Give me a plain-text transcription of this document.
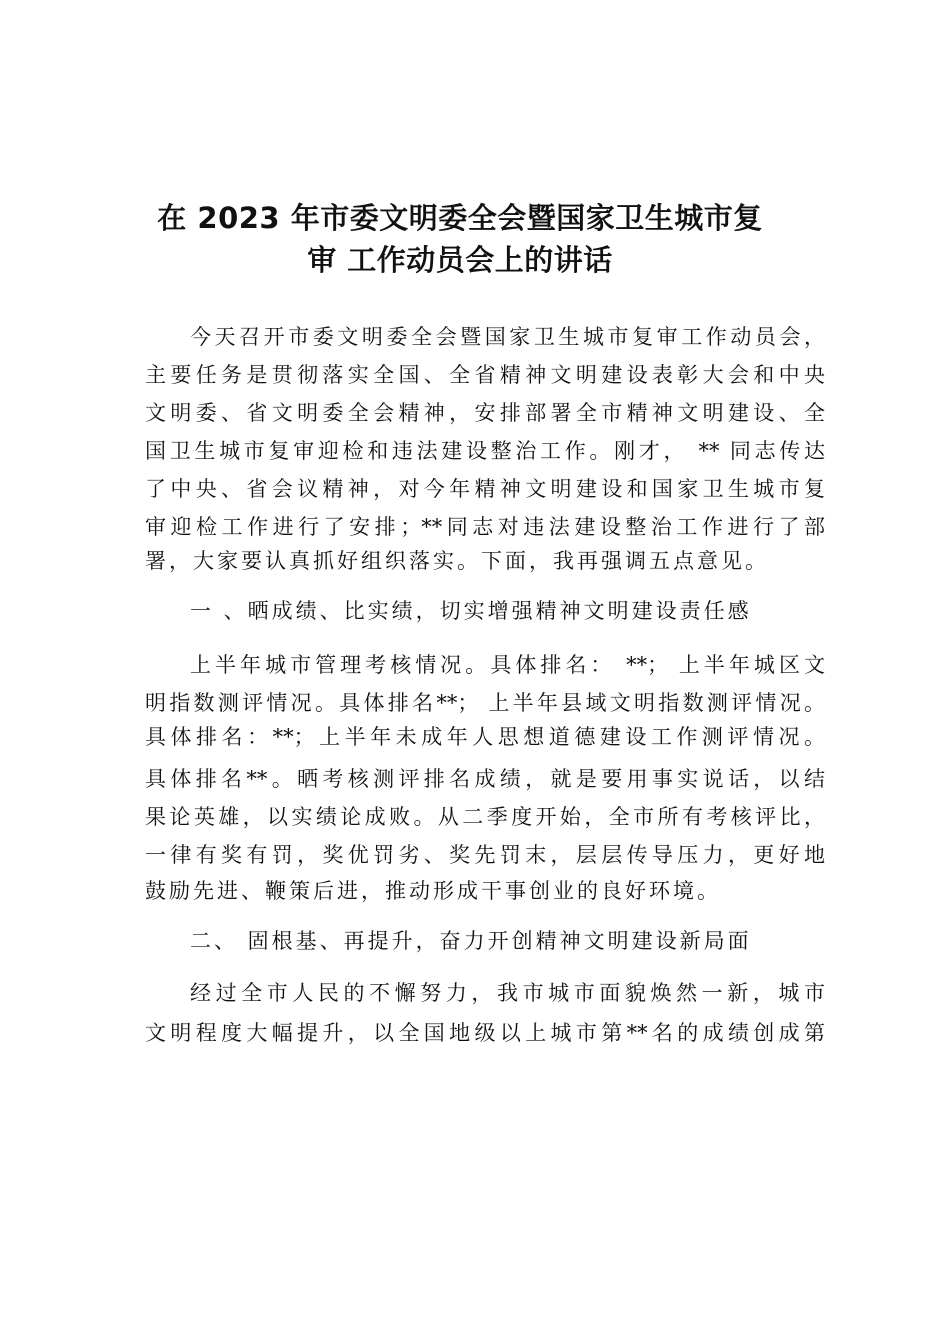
在 2023 年市委文明委全会暨国家卫生城市复
审 工作动员会上的讲话
今天召开市委文明委全会暨国家卫生城市复审工作动员会，
主要任务是贯彻落实全国、全省精神文明建设表彰大会和中央
文明委、省文明委全会精神，安排部署全市精神文明建设、全
国卫生城市复审迎检和违法建设整治工作。刚才， ** 同志传达
了中央、省会议精神，对今年精神文明建设和国家卫生城市复
审迎检工作进行了安排；**同志对违法建设整治工作进行了部
署，大家要认真抓好组织落实。下面，我再强调五点意见。
一 、晒成绩、比实绩，切实增强精神文明建设责任感
上半年城市管理考核情况。具体排名： **； 上半年城区文
明指数测评情况。具体排名**； 上半年县域文明指数测评情况。
具体排名：**；上半年未成年人思想道德建设工作测评情况。
具体排名**。晒考核测评排名成绩，就是要用事实说话，以结
果论英雄，以实绩论成败。从二季度开始，全市所有考核评比，
一律有奖有罚，奖优罚劣、奖先罚末，层层传导压力，更好地
鼓励先进、鞭策后进，推动形成干事创业的良好环境。
二、 固根基、再提升，奋力开创精神文明建设新局面
经过全市人民的不懈努力，我市城市面貌焕然一新，城市
文明程度大幅提升，以全国地级以上城市第**名的成绩创成第
